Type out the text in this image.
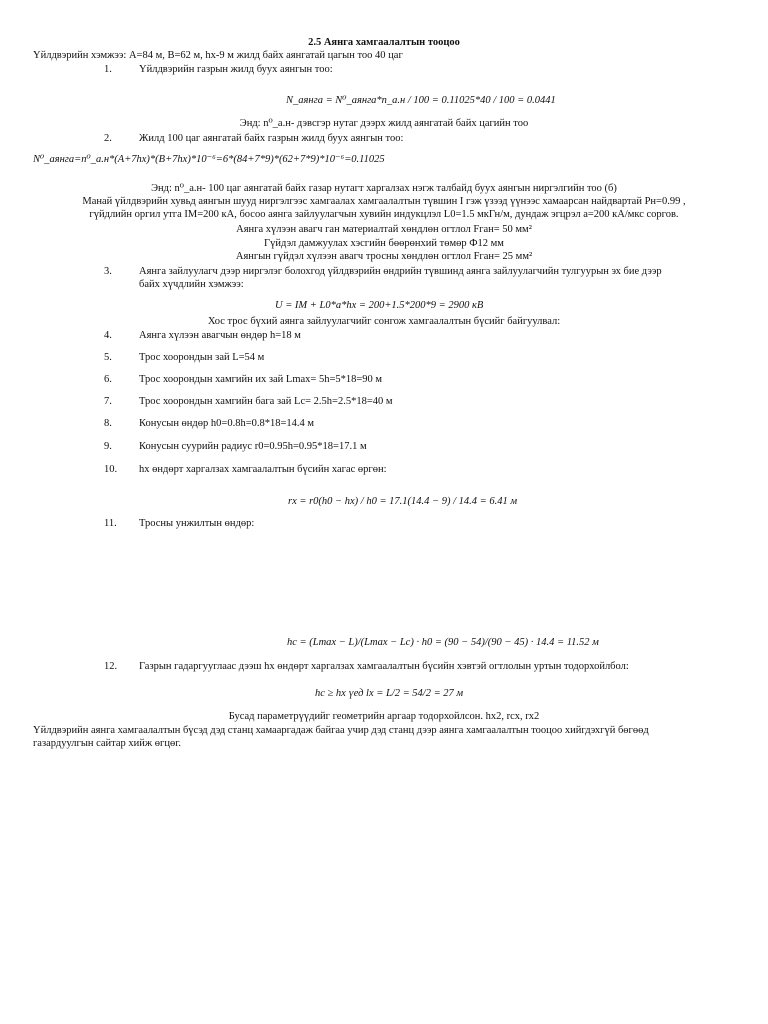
2.5 Аянга хамгаалалтын тооцоо
Үйлдвэрийн хэмжээ: A=84 м, B=62 м, hx-9 м жилд байх аянгатай цагын тоо 40 цаг
1.	Үйлдвэрийн газрын жилд буух аянгын тоо:
N_аянга = N⁰_аянга*n_a.н / 100 = 0.11025*40 / 100 = 0.0441
Энд: n⁰_a.н- дэвсгэр нутаг дээрх жилд аянгатай байх цагийн тоо
2.	Жилд 100 цаг аянгатай байх газрын жилд буух аянгын тоо:
N⁰_аянга=n⁰_a.н*(A+7hx)*(B+7hx)*10⁻⁶=6*(84+7*9)*(62+7*9)*10⁻⁶=0.11025
Энд: n⁰_a.н- 100 цаг аянгатай байх газар нутагт харгалзах нэгж талбайд буух аянгын ниргэлгийн тоо (б)
Манай үйлдвэрийн хувьд аянгын шууд ниргэлгээс хамгаалах хамгаалалтын түвшин I гэж үзээд үүнээс хамаарсан найдвартай Pн=0.99 ,
гүйдлийн оргил утга IM=200 кА, босоо аянга зайлуулагчын хувийн индукцлэл L0=1.5 мкГн/м, дундаж эгцрэл a=200 кА/мкс соргов.
Аянга хүлээн авагч ган материалтай хөндлөн огтлол Fган= 50 мм²
Гүйдэл дамжуулах хэсгийн бөөрөнхий төмөр Ф12 мм
Аянгын гүйдэл хүлээн авагч тросны хөндлөн огтлол Fган= 25 мм²
3.	Аянга зайлуулагч дээр ниргэлэг болохгод үйлдвэрийн өндрийн түвшинд аянга зайлуулагчийн тулгуурын эх бие дээр
байх хүчдлийн хэмжээ:
U = IM + L0*a*hx = 200+1.5*200*9 = 2900 кВ
Хос трос бүхий аянга зайлуулагчийг сонгож хамгаалалтын бүсийг байгуулвал:
4.	Аянга хүлээн авагчын өндөр h=18 м
5.	Трос хоорондын зай L=54 м
6.	Трос хоорондын хамгийн их зай Lmax= 5h=5*18=90 м
7.	Трос хоорондын хамгийн бага зай Lc= 2.5h=2.5*18=40 м
8.	Конусын өндөр h0=0.8h=0.8*18=14.4 м
9.	Конусын суурийн радиус r0=0.95h=0.95*18=17.1 м
10. hx өндөрт харгалзах хамгаалалтын бүсийн хагас өргөн:
rx = r0(h0 − hx) / h0 = 17.1(14.4 − 9) / 14.4 = 6.41 м
11. Тросны унжилтын өндөр:
hc = (Lmax − L)/(Lmax − Lc) · h0 = (90 − 54)/(90 − 45) · 14.4 = 11.52 м
12. Газрын гадаргууглаас дээш hx өндөрт харгалзах хамгаалалтын бүсийн хэвтэй огтлолын уртын тодорхойлбол:
hc ≥ hx үед lx = L/2 = 54/2 = 27 м
Бусад параметрүүдийг геометрийн аргаар тодорхойлсон. hx2, rcx, rx2
Үйлдвэрийн аянга хамгаалалтын бүсэд дэд станц хамааргадаж байгаа учир дэд станц дээр аянга хамгаалалтын тооцоо хийгдэхгүй бөгөөд
газардуулгын сайтар хийж өгцөг.
